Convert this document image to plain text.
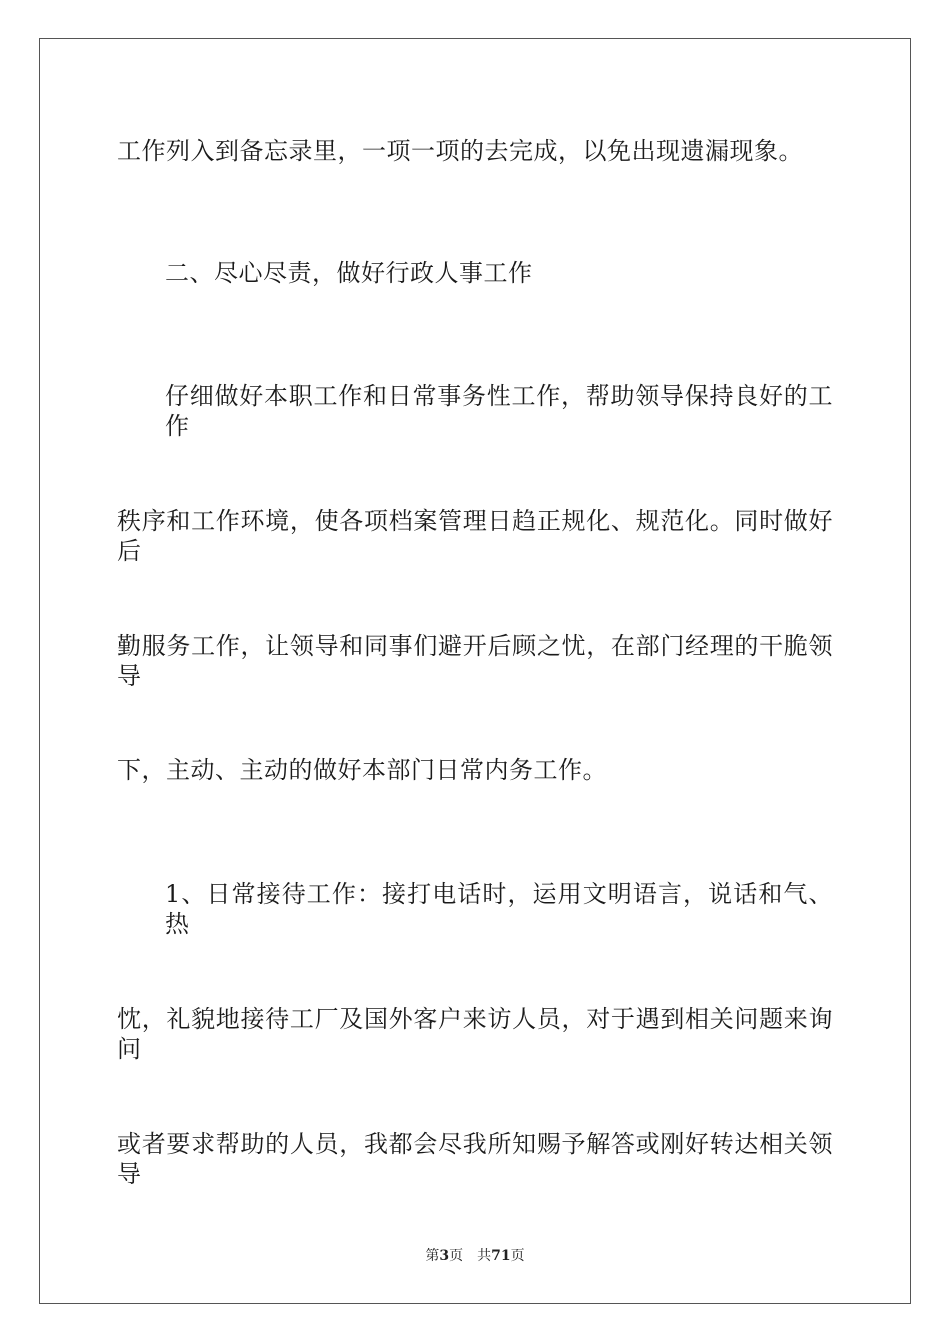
工作列入到备忘录里，一项一项的去完成，以免出现遗漏现象。
二、尽心尽责，做好行政人事工作
仔细做好本职工作和日常事务性工作，帮助领导保持良好的工作
秩序和工作环境，使各项档案管理日趋正规化、规范化。同时做好后
勤服务工作，让领导和同事们避开后顾之忧，在部门经理的干脆领导
下，主动、主动的做好本部门日常内务工作。
1、日常接待工作：接打电话时，运用文明语言，说话和气、热
忱，礼貌地接待工厂及国外客户来访人员，对于遇到相关问题来询问
或者要求帮助的人员，我都会尽我所知赐予解答或刚好转达相关领导
第3页 共71页
